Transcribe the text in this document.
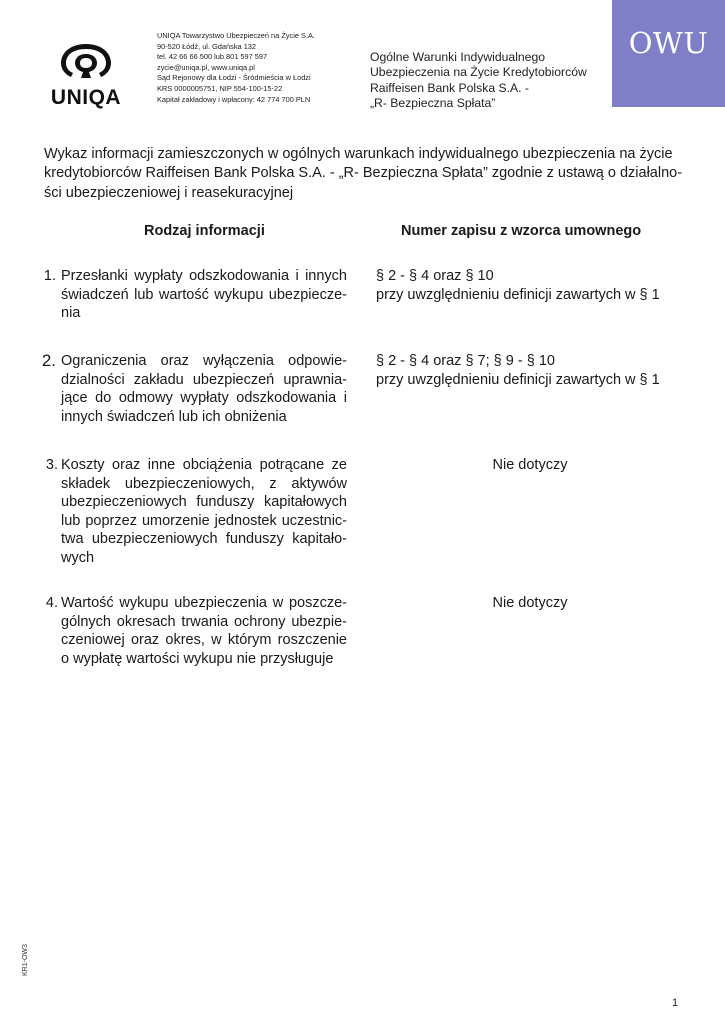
UNIQA
UNIQA Towarzystwo Ubezpieczeń na Życie S.A.
90-520 Łódź, ul. Gdańska 132
tel. 42 66 66 500 lub 801 597 597
zycie@uniqa.pl, www.uniqa.pl
Sąd Rejonowy dla Łodzi - Śródmieścia w Łodzi
KRS 0000005751, NIP 554-100-15-22
Kapitał zakładowy i wpłacony: 42 774 700 PLN
Ogólne Warunki Indywidualnego
Ubezpieczenia na Życie Kredytobiorców
Raiffeisen Bank Polska S.A. -
„R- Bezpieczna Spłata”
OWU
Wykaz informacji zamieszczonych w ogólnych warunkach indywidualnego ubezpieczenia na życie
kredytobiorców Raiffeisen Bank Polska S.A. - „R- Bezpieczna Spłata” zgodnie z ustawą o działalno-
ści ubezpieczeniowej i reasekuracyjnej
Rodzaj informacji	Numer zapisu z wzorca umownego
1. Przesłanki wypłaty odszkodowania i innych świadczeń lub wartość wykupu ubezpiecze-nia
§ 2 - § 4 oraz § 10
przy uwzględnieniu definicji zawartych w § 1
2. Ograniczenia oraz wyłączenia odpowie-dzialności zakładu ubezpieczeń uprawnia-jące do odmowy wypłaty odszkodowania i innych świadczeń lub ich obniżenia
§ 2 - § 4 oraz § 7; § 9 - § 10
przy uwzględnieniu definicji zawartych w § 1
3. Koszty oraz inne obciążenia potrącane ze składek ubezpieczeniowych, z aktywów ubezpieczeniowych funduszy kapitałowych lub poprzez umorzenie jednostek uczestnic-twa ubezpieczeniowych funduszy kapitało-wych
Nie dotyczy
4. Wartość wykupu ubezpieczenia w poszcze-gólnych okresach trwania ochrony ubezpie-czeniowej oraz okres, w którym roszczenie o wypłatę wartości wykupu nie przysługuje
Nie dotyczy
KR1-OW3
1
